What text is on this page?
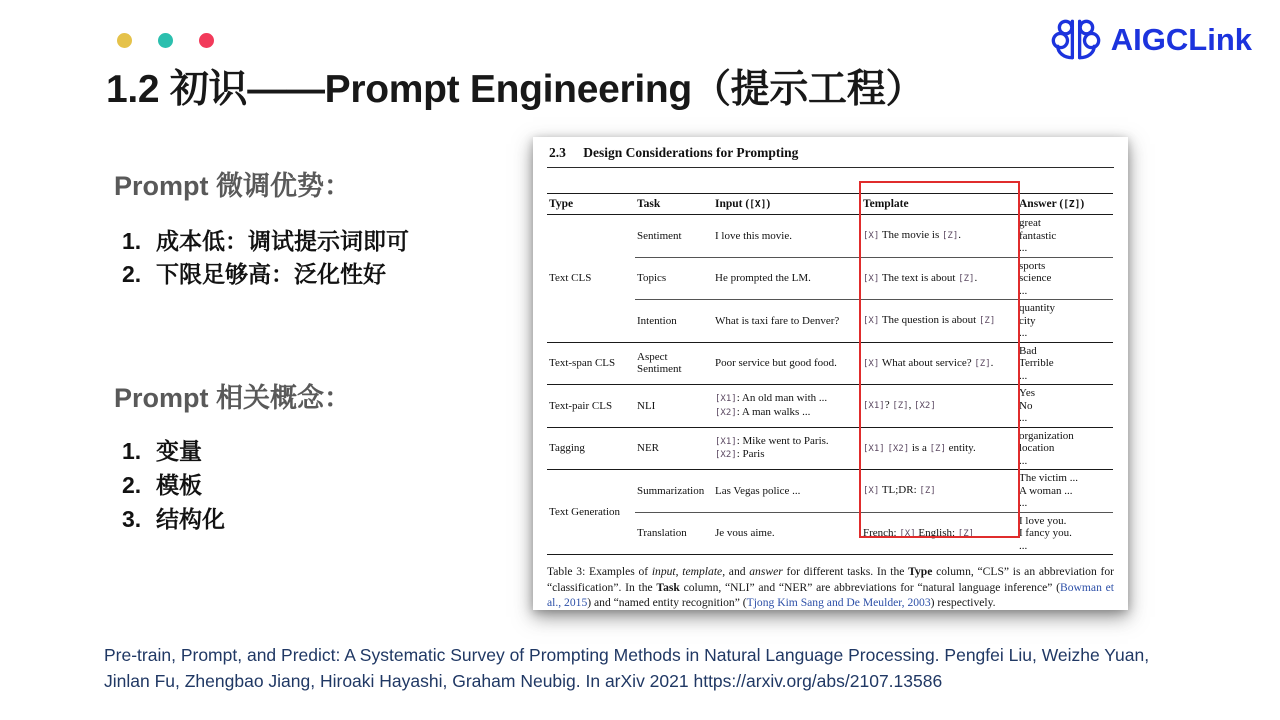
1.2 初识——Prompt Engineering（提示工程）
AIGCLink
Prompt 微调优势：
1. 成本低：调试提示词即可
2. 下限足够高：泛化性好
Prompt 相关概念：
1. 变量
2. 模板
3. 结构化
2.3 Design Considerations for Prompting
Type	Task	Input ([X])	Template	Answer ([Z])
Text CLS	Sentiment	I love this movie.	[X] The movie is [Z].	great
fantastic
...
	Topics	He prompted the LM.	[X] The text is about [Z].	sports
science
...
	Intention	What is taxi fare to Denver?	[X] The question is about [Z]	quantity
city
...
Text-span CLS	Aspect Sentiment	Poor service but good food.	[X] What about service? [Z].	Bad
Terrible
...
Text-pair CLS	NLI	[X1]: An old man with ...
[X2]: A man walks ...	[X1]? [Z], [X2]	Yes
No
...
Tagging	NER	[X1]: Mike went to Paris.
[X2]: Paris	[X1] [X2] is a [Z] entity.	organization
location
...
Text Generation	Summarization	Las Vegas police ...	[X] TL;DR: [Z]	The victim ...
A woman ...
...
	Translation	Je vous aime.	French: [X] English: [Z]	I love you.
I fancy you.
...
Table 3: Examples of input, template, and answer for different tasks. In the Type column, “CLS” is an abbreviation for “classification”. In the Task column, “NLI” and “NER” are abbreviations for “natural language inference” (Bowman et al., 2015) and “named entity recognition” (Tjong Kim Sang and De Meulder, 2003) respectively.

Pre-train, Prompt, and Predict: A Systematic Survey of Prompting Methods in Natural Language Processing. Pengfei Liu, Weizhe Yuan, Jinlan Fu, Zhengbao Jiang, Hiroaki Hayashi, Graham Neubig. In arXiv 2021 https://arxiv.org/abs/2107.13586
